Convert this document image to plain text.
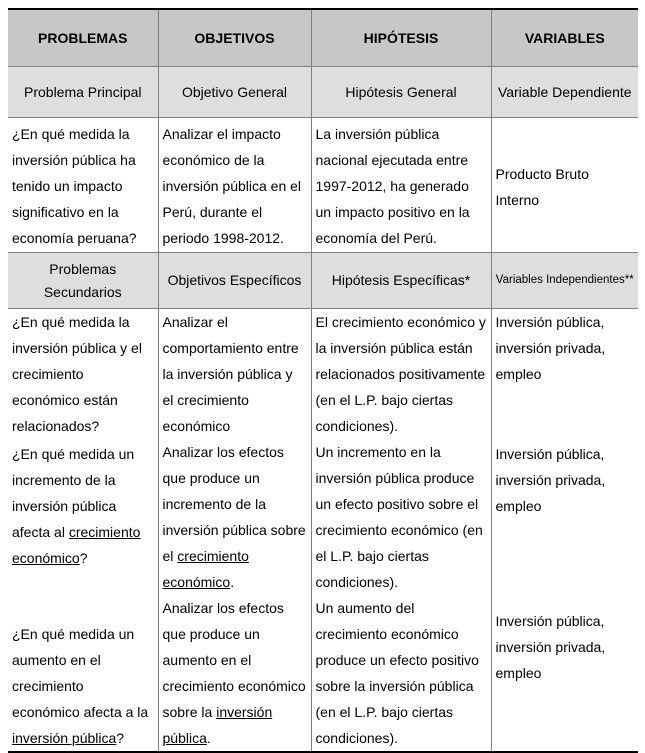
PROBLEMAS	OBJETIVOS	HIPÓTESIS	VARIABLES
Problema Principal	Objetivo General	Hipótesis General	Variable Dependiente
¿En qué medida la inversión pública ha tenido un impacto significativo en la economía peruana?	Analizar el impacto económico de la inversión pública en el Perú, durante el periodo 1998-2012.	La inversión pública nacional ejecutada entre 1997-2012, ha generado un impacto positivo en la economía del Perú.	Producto Bruto Interno
Problemas Secundarios	Objetivos Específicos	Hipótesis Específicas*	Variables Independientes**
¿En qué medida la inversión pública y el crecimiento económico están relacionados?	Analizar el comportamiento entre la inversión pública y el crecimiento económico	El crecimiento económico y la inversión pública están relacionados positivamente (en el L.P. bajo ciertas condiciones).	Inversión pública, inversión privada, empleo

¿En qué medida un incremento de la inversión pública afecta al crecimiento económico?	Analizar los efectos que produce un incremento de la inversión pública sobre el crecimiento económico.	Un incremento en la inversión pública produce un efecto positivo sobre el crecimiento económico (en el L.P. bajo ciertas condiciones).	Inversión pública, inversión privada, empleo

¿En qué medida un aumento en el crecimiento económico afecta a la inversión pública?	Analizar los efectos que produce un aumento en el crecimiento económico sobre la inversión pública.	Un aumento del crecimiento económico produce un efecto positivo sobre la inversión pública (en el L.P. bajo ciertas condiciones).	Inversión pública, inversión privada, empleo
